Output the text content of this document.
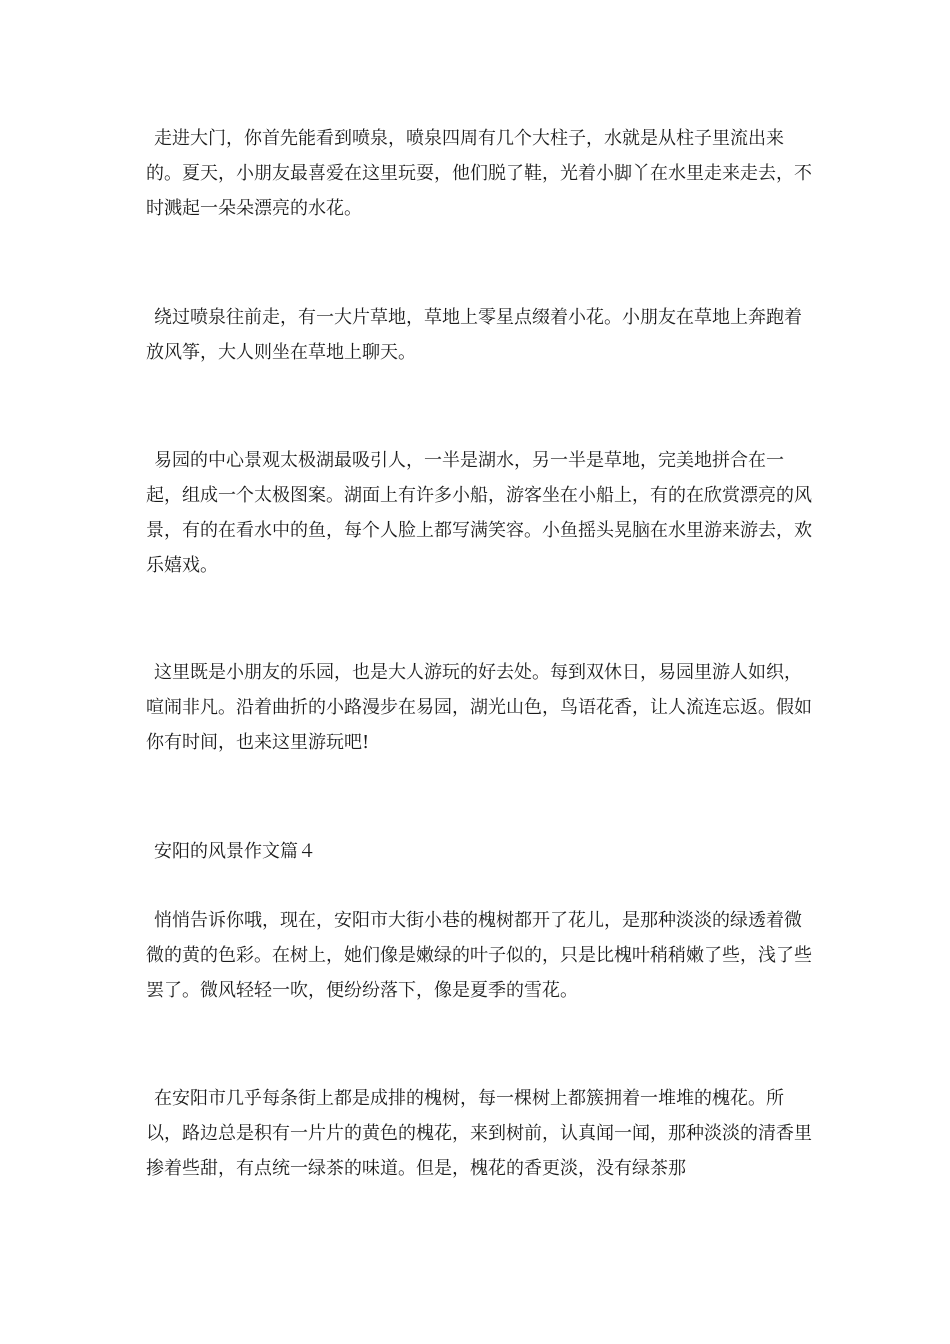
走进大门，你首先能看到喷泉，喷泉四周有几个大柱子，水就是从柱子里流出来的。夏天，小朋友最喜爱在这里玩耍，他们脱了鞋，光着小脚丫在水里走来走去，不时溅起一朵朵漂亮的水花。

绕过喷泉往前走，有一大片草地，草地上零星点缀着小花。小朋友在草地上奔跑着放风筝，大人则坐在草地上聊天。

易园的中心景观太极湖最吸引人，一半是湖水，另一半是草地，完美地拼合在一起，组成一个太极图案。湖面上有许多小船，游客坐在小船上，有的在欣赏漂亮的风景，有的在看水中的鱼，每个人脸上都写满笑容。小鱼摇头晃脑在水里游来游去，欢乐嬉戏。

这里既是小朋友的乐园，也是大人游玩的好去处。每到双休日，易园里游人如织，喧闹非凡。沿着曲折的小路漫步在易园，湖光山色，鸟语花香，让人流连忘返。假如你有时间，也来这里游玩吧!

安阳的风景作文篇４

悄悄告诉你哦，现在，安阳市大街小巷的槐树都开了花儿，是那种淡淡的绿透着微微的黄的色彩。在树上，她们像是嫩绿的叶子似的，只是比槐叶稍稍嫩了些，浅了些罢了。微风轻轻一吹，便纷纷落下，像是夏季的雪花。

在安阳市几乎每条街上都是成排的槐树，每一棵树上都簇拥着一堆堆的槐花。所以，路边总是积有一片片的黄色的槐花，来到树前，认真闻一闻，那种淡淡的清香里掺着些甜，有点统一绿茶的味道。但是，槐花的香更淡，没有绿茶那
